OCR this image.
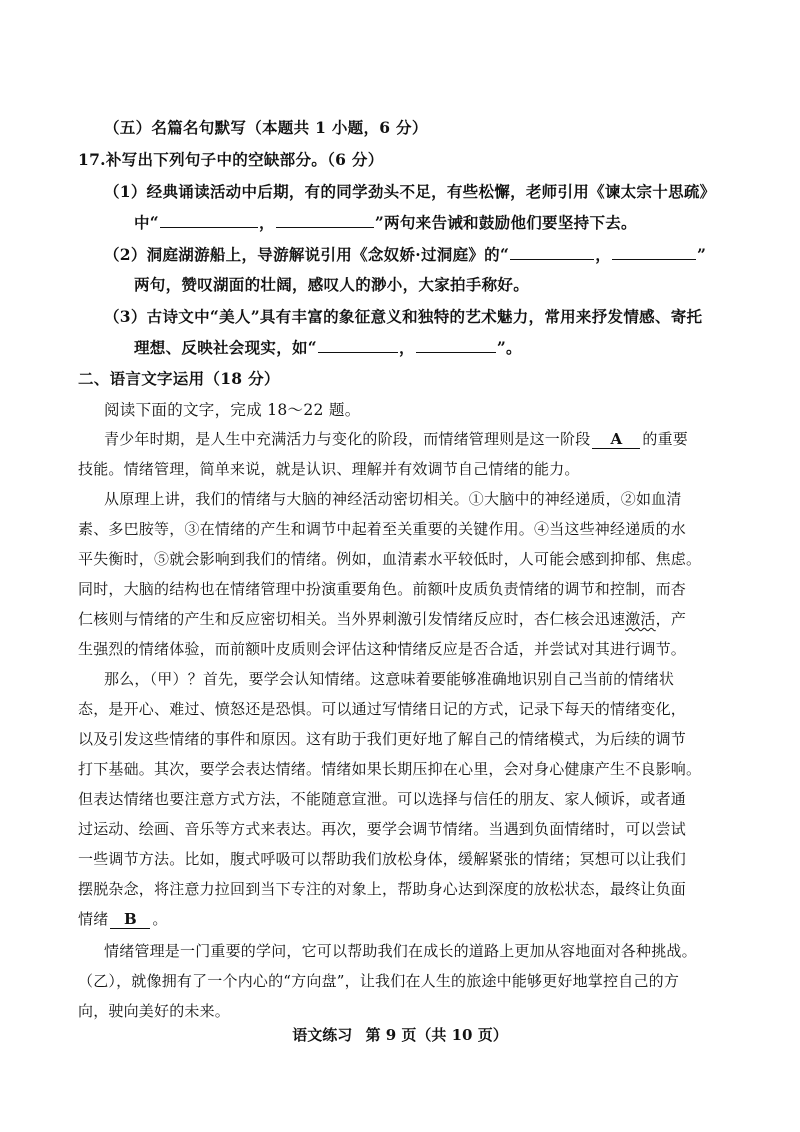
（五）名篇名句默写（本题共 1 小题，6 分）
17.补写出下列句子中的空缺部分。（6 分）
（1）经典诵读活动中后期，有的同学劲头不足，有些松懈，老师引用《谏太宗十思疏》
中“	，	”两句来告诫和鼓励他们要坚持下去。
（2）洞庭湖游船上，导游解说引用《念奴娇·过洞庭》的“	，	”
两句，赞叹湖面的壮阔，感叹人的渺小，大家拍手称好。
（3）古诗文中“美人”具有丰富的象征意义和独特的艺术魅力，常用来抒发情感、寄托
理想、反映社会现实，如“	，	”。
二、语言文字运用（18 分）
阅读下面的文字，完成 18～22 题。
青少年时期，是人生中充满活力与变化的阶段，而情绪管理则是这一阶段 A 的重要
技能。情绪管理，简单来说，就是认识、理解并有效调节自己情绪的能力。
从原理上讲，我们的情绪与大脑的神经活动密切相关。①大脑中的神经递质，②如血清
素、多巴胺等，③在情绪的产生和调节中起着至关重要的关键作用。④当这些神经递质的水
平失衡时，⑤就会影响到我们的情绪。例如，血清素水平较低时，人可能会感到抑郁、焦虑。
同时，大脑的结构也在情绪管理中扮演重要角色。前额叶皮质负责情绪的调节和控制，而杏
仁核则与情绪的产生和反应密切相关。当外界刺激引发情绪反应时，杏仁核会迅速激活，产
生强烈的情绪体验，而前额叶皮质则会评估这种情绪反应是否合适，并尝试对其进行调节。
那么，（甲）？首先，要学会认知情绪。这意味着要能够准确地识别自己当前的情绪状
态，是开心、难过、愤怒还是恐惧。可以通过写情绪日记的方式，记录下每天的情绪变化，
以及引发这些情绪的事件和原因。这有助于我们更好地了解自己的情绪模式，为后续的调节
打下基础。其次，要学会表达情绪。情绪如果长期压抑在心里，会对身心健康产生不良影响。
但表达情绪也要注意方式方法，不能随意宣泄。可以选择与信任的朋友、家人倾诉，或者通
过运动、绘画、音乐等方式来表达。再次，要学会调节情绪。当遇到负面情绪时，可以尝试
一些调节方法。比如，腹式呼吸可以帮助我们放松身体，缓解紧张的情绪；冥想可以让我们
摆脱杂念，将注意力拉回到当下专注的对象上，帮助身心达到深度的放松状态，最终让负面
情绪 B 。
情绪管理是一门重要的学问，它可以帮助我们在成长的道路上更加从容地面对各种挑战。
（乙），就像拥有了一个内心的“方向盘”，让我们在人生的旅途中能够更好地掌控自己的方
向，驶向美好的未来。
语文练习 第 9 页（共 10 页）
